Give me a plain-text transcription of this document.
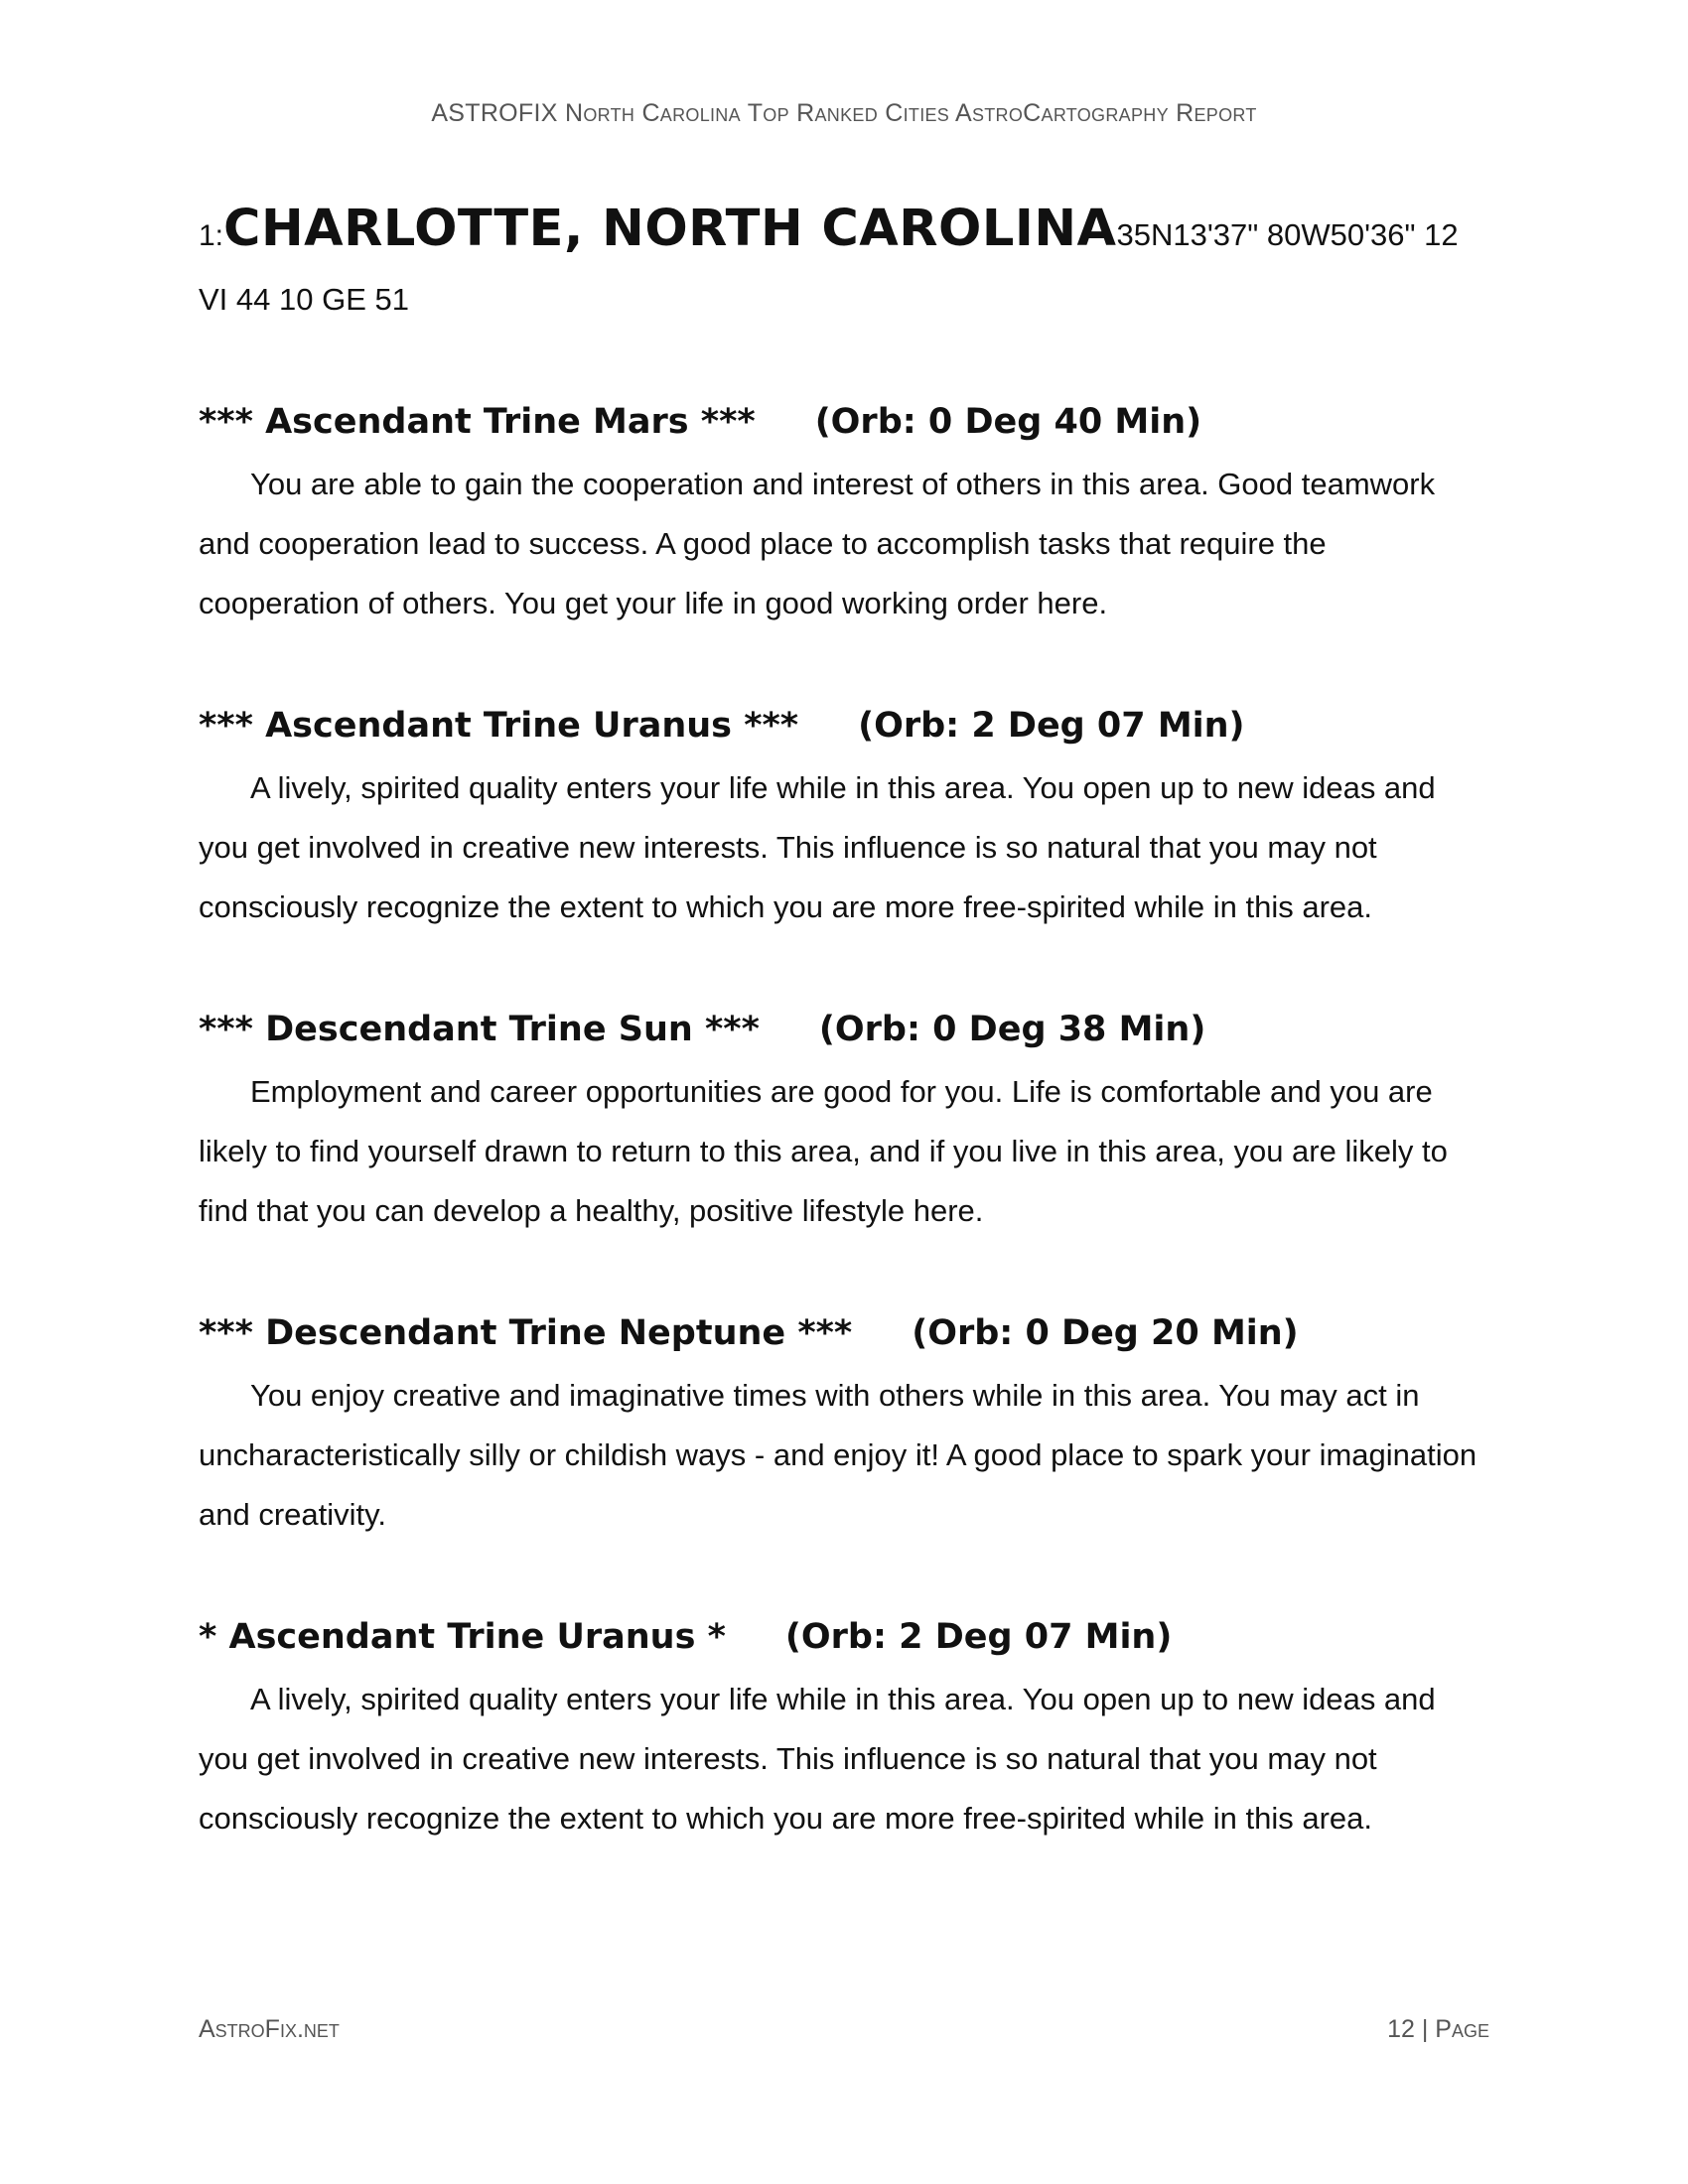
ASTROFIX North Carolina Top Ranked Cities AstroCartography Report

1:CHARLOTTE, NORTH CAROLINA35N13'37" 80W50'36" 12

VI 44 10 GE 51

*** Ascendant Trine Mars *** (Orb: 0 Deg 40 Min)

You are able to gain the cooperation and interest of others in this area. Good teamwork and cooperation lead to success. A good place to accomplish tasks that require the cooperation of others. You get your life in good working order here.

*** Ascendant Trine Uranus *** (Orb: 2 Deg 07 Min)

A lively, spirited quality enters your life while in this area. You open up to new ideas and you get involved in creative new interests. This influence is so natural that you may not consciously recognize the extent to which you are more free-spirited while in this area.

*** Descendant Trine Sun *** (Orb: 0 Deg 38 Min)

Employment and career opportunities are good for you. Life is comfortable and you are likely to find yourself drawn to return to this area, and if you live in this area, you are likely to find that you can develop a healthy, positive lifestyle here.

*** Descendant Trine Neptune *** (Orb: 0 Deg 20 Min)

You enjoy creative and imaginative times with others while in this area. You may act in uncharacteristically silly or childish ways - and enjoy it! A good place to spark your imagination and creativity.

* Ascendant Trine Uranus * (Orb: 2 Deg 07 Min)

A lively, spirited quality enters your life while in this area. You open up to new ideas and you get involved in creative new interests. This influence is so natural that you may not consciously recognize the extent to which you are more free-spirited while in this area.

AstroFix.net	12 | Page
